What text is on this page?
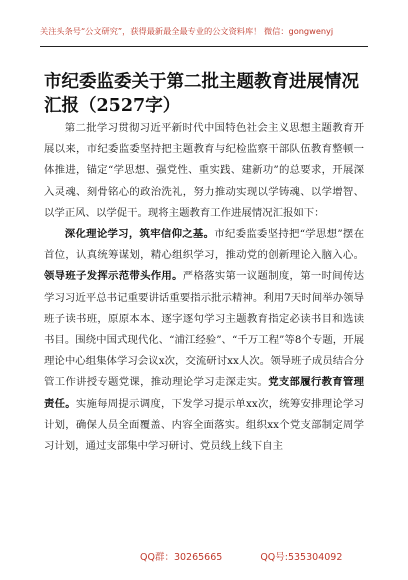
关注头条号“公文研究”，获得最新最全最专业的公文资料库！ 微信：gongwenyj
市纪委监委关于第二批主题教育进展情况
汇报（2527字）

第二批学习贯彻习近平新时代中国特色社会主义思想主题教育开展以来，市纪委监委坚持把主题教育与纪检监察干部队伍教育整顿一体推进，锚定“学思想、强党性、重实践、建新功”的总要求，开展深入灵魂、刻骨铭心的政治洗礼，努力推动实现以学铸魂、以学增智、以学正风、以学促干。现将主题教育工作进展情况汇报如下：

深化理论学习，筑牢信仰之基。市纪委监委坚持把“学思想”摆在首位，认真统筹谋划，精心组织学习，推动党的创新理论入脑入心。领导班子发挥示范带头作用。严格落实第一议题制度，第一时间传达学习习近平总书记重要讲话重要指示批示精神。利用7天时间举办领导班子读书班，原原本本、逐字逐句学习主题教育指定必读书目和选读书目。围绕中国式现代化、“浦江经验”、“千万工程”等8个专题，开展理论中心组集体学习会议x次，交流研讨xx人次。领导班子成员结合分管工作讲授专题党课，推动理论学习走深走实。党支部履行教育管理责任。实施每周提示调度，下发学习提示单xx次，统筹安排理论学习计划，确保人员全面覆盖、内容全面落实。组织xx个党支部制定周学习计划，通过支部集中学习研讨、党员线上线下自主

QQ群：30265665	QQ号:535304092
